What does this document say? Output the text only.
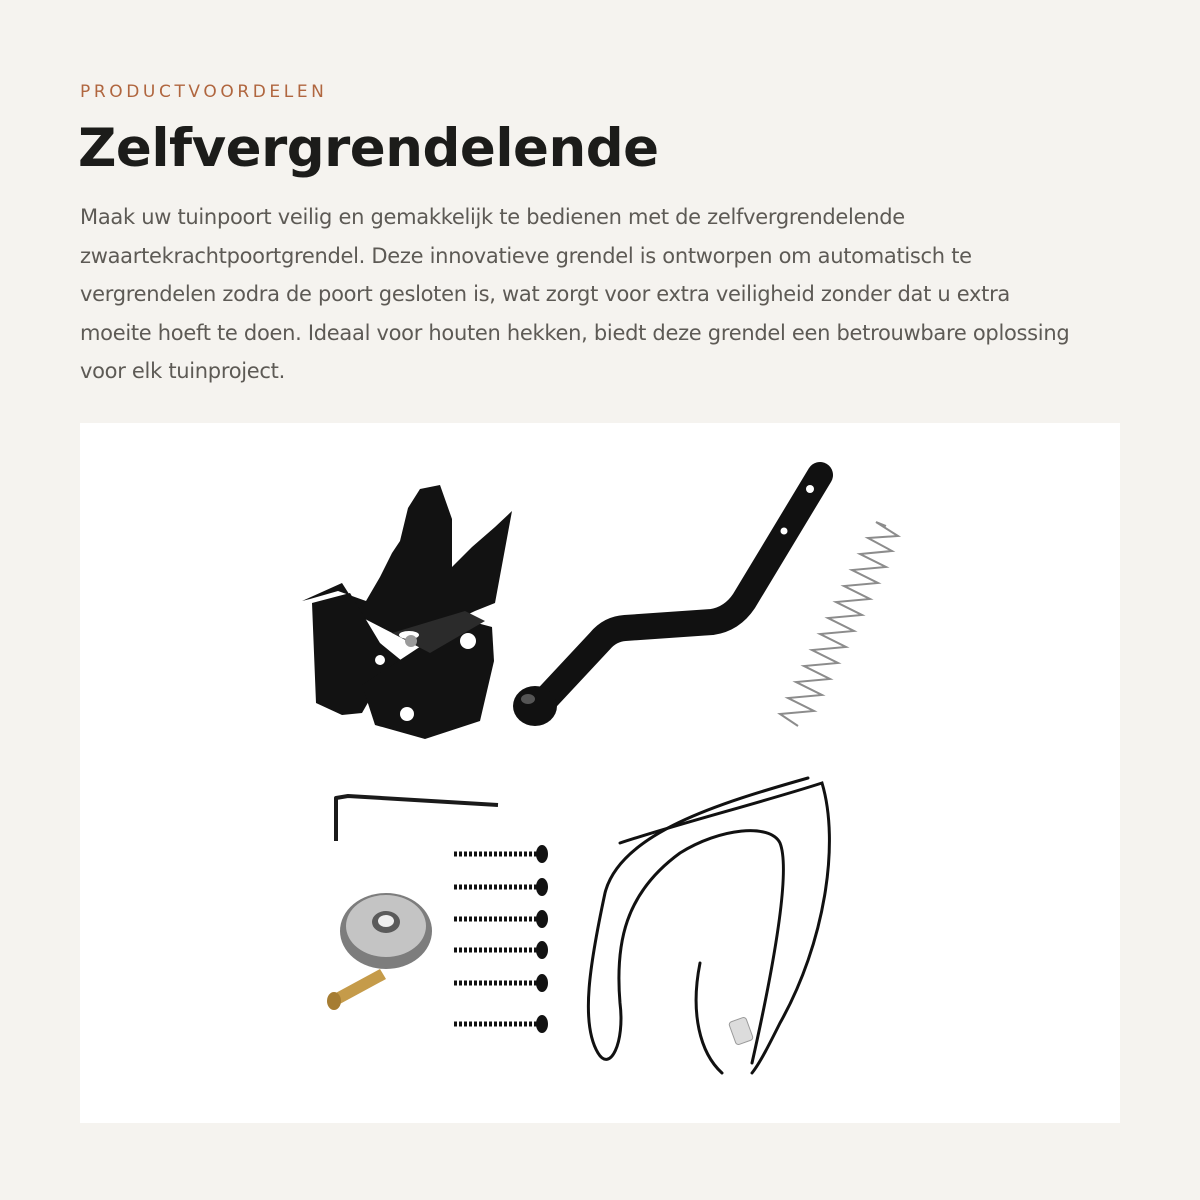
PRODUCTVOORDELEN
Zelfvergrendelende

Maak uw tuinpoort veilig en gemakkelijk te bedienen met de zelfvergrendelende zwaartekrachtpoortgrendel. Deze innovatieve grendel is ontworpen om automatisch te vergrendelen zodra de poort gesloten is, wat zorgt voor extra veiligheid zonder dat u extra moeite hoeft te doen. Ideaal voor houten hekken, biedt deze grendel een betrouwbare oplossing voor elk tuinproject.
